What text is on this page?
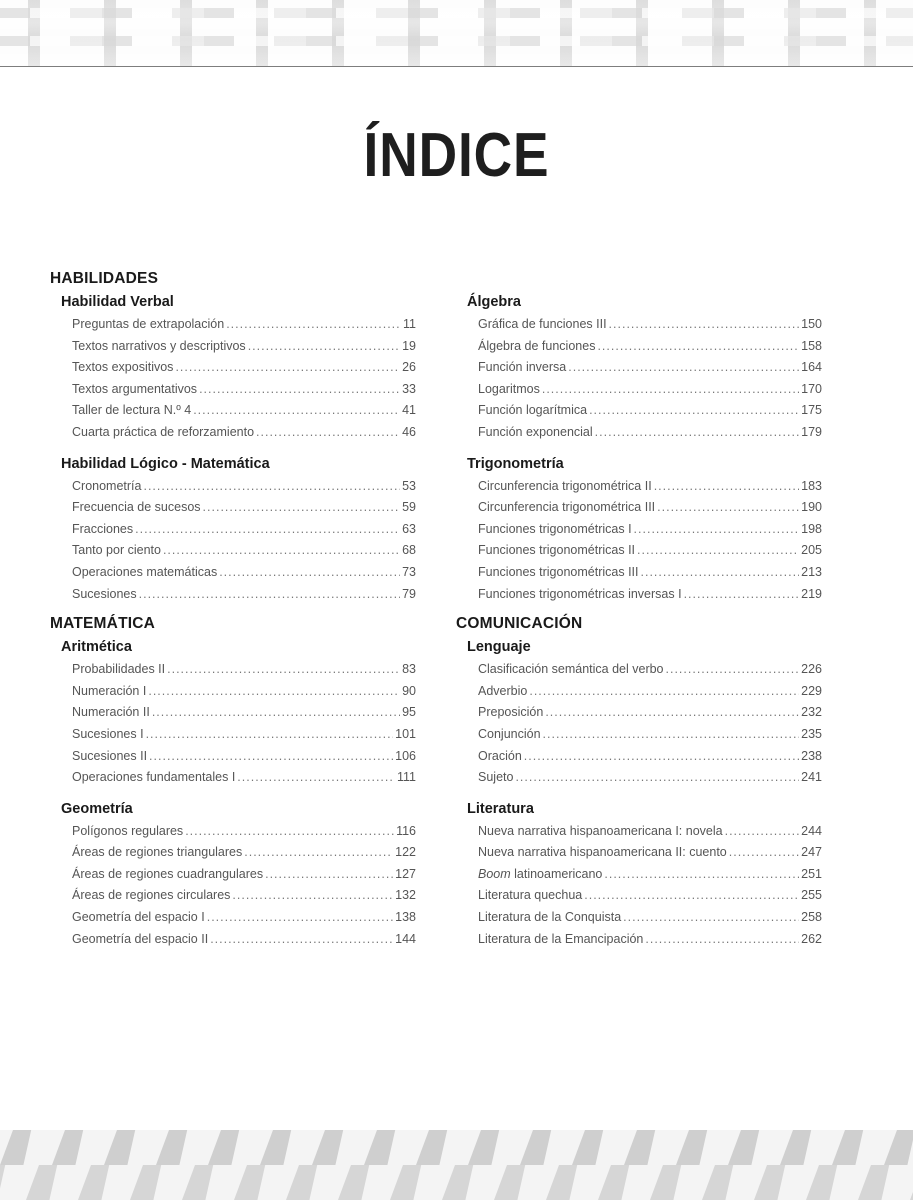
ÍNDICE
HABILIDADES
Habilidad Verbal
Preguntas de extrapolación .....	11
Textos narrativos y descriptivos .....	19
Textos expositivos .....	26
Textos argumentativos .....	33
Taller de lectura N.º 4 .....	41
Cuarta práctica de reforzamiento .....	46
Habilidad Lógico - Matemática
Cronometría .....	53
Frecuencia de sucesos .....	59
Fracciones .....	63
Tanto por ciento .....	68
Operaciones matemáticas .....	73
Sucesiones .....	79
MATEMÁTICA
Aritmética
Probabilidades II .....	83
Numeración I .....	90
Numeración II .....	95
Sucesiones I .....	101
Sucesiones II .....	106
Operaciones fundamentales I .....	111
Geometría
Polígonos regulares .....	116
Áreas de regiones triangulares .....	122
Áreas de regiones cuadrangulares .....	127
Áreas de regiones circulares .....	132
Geometría del espacio I .....	138
Geometría del espacio II .....	144
Álgebra
Gráfica de funciones III .....	150
Álgebra de funciones .....	158
Función inversa .....	164
Logaritmos .....	170
Función logarítmica .....	175
Función exponencial .....	179
Trigonometría
Circunferencia trigonométrica II .....	183
Circunferencia trigonométrica III .....	190
Funciones trigonométricas I .....	198
Funciones trigonométricas II .....	205
Funciones trigonométricas III .....	213
Funciones trigonométricas inversas I .....	219
COMUNICACIÓN
Lenguaje
Clasificación semántica del verbo .....	226
Adverbio .....	229
Preposición .....	232
Conjunción .....	235
Oración .....	238
Sujeto .....	241
Literatura
Nueva narrativa hispanoamericana I: novela .....	244
Nueva narrativa hispanoamericana II: cuento .....	247
Boom latinoamericano .....	251
Literatura quechua .....	255
Literatura de la Conquista .....	258
Literatura de la Emancipación .....	262
